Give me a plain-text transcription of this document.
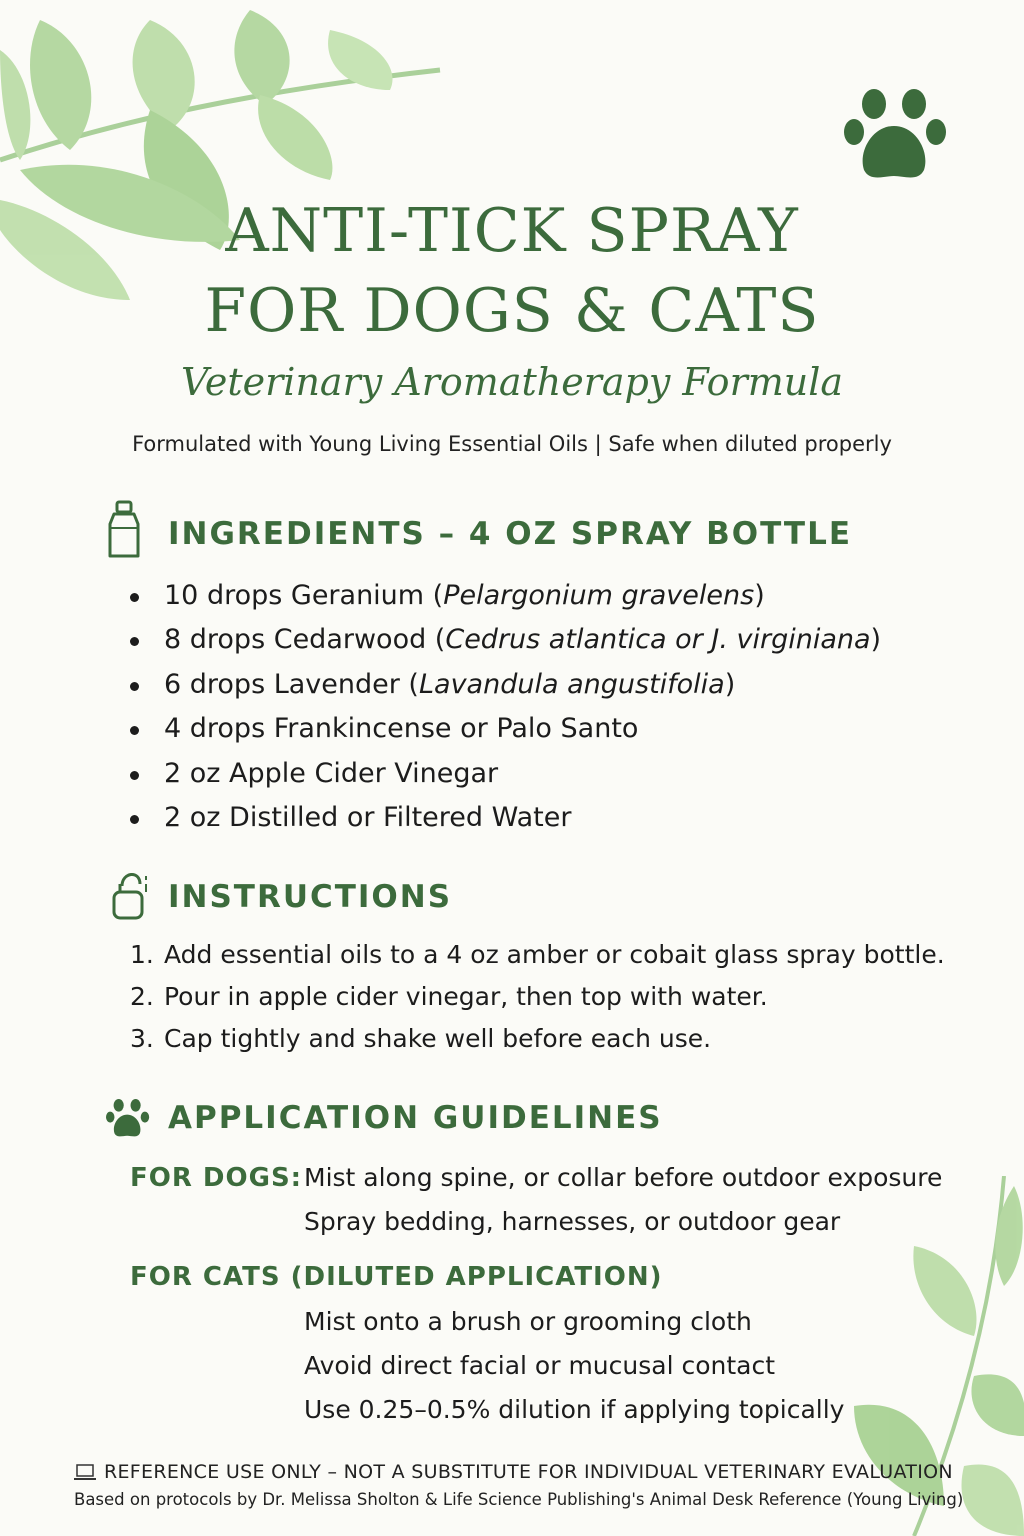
ANTI-TICK SPRAY
FOR DOGS & CATS
Veterinary Aromatherapy Formula
Formulated with Young Living Essential Oils | Safe when diluted properly
INGREDIENTS – 4 OZ SPRAY BOTTLE
10 drops Geranium (Pelargonium gravelens)
8 drops Cedarwood (Cedrus atlantica or J. virginiana)
6 drops Lavender (Lavandula angustifolia)
4 drops Frankincense or Palo Santo
2 oz Apple Cider Vinegar
2 oz Distilled or Filtered Water
INSTRUCTIONS
1. Add essential oils to a 4 oz amber or cobait glass spray bottle.
2. Pour in apple cider vinegar, then top with water.
3. Cap tightly and shake well before each use.
APPLICATION GUIDELINES
FOR DOGS: Mist along spine, or collar before outdoor exposure
Spray bedding, harnesses, or outdoor gear
FOR CATS (DILUTED APPLICATION)
Mist onto a brush or grooming cloth
Avoid direct facial or mucusal contact
Use 0.25–0.5% dilution if applying topically
REFERENCE USE ONLY – NOT A SUBSTITUTE FOR INDIVIDUAL VETERINARY EVALUATION
Based on protocols by Dr. Melissa Sholton & Life Science Publishing's Animal Desk Reference (Young Living)
